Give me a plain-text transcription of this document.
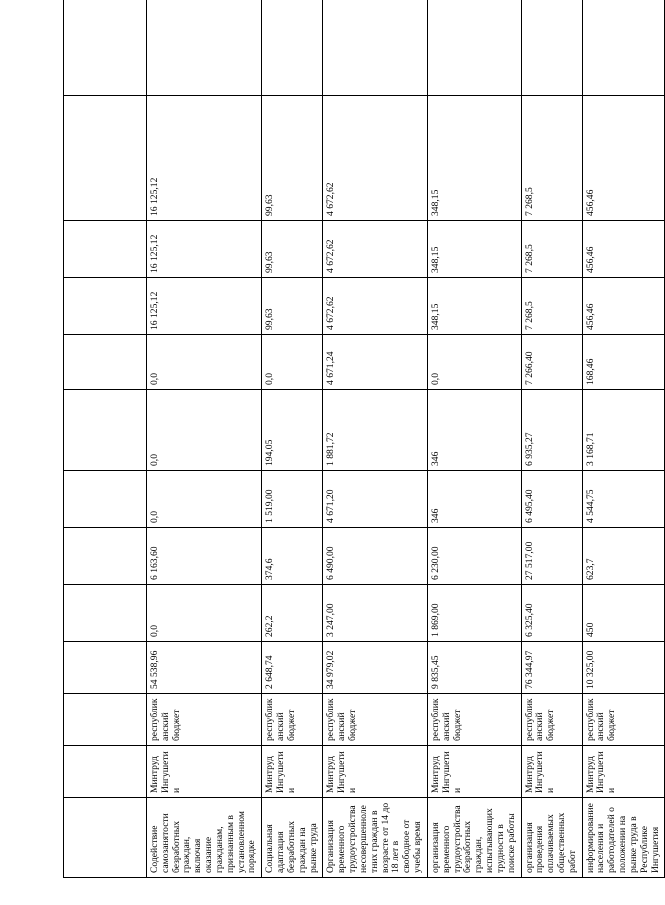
Содействие самозанятости безработных граждан, включая оказание гражданам, признанным в установленном порядке	Минтруд Ингушетии	республиканский бюджет	54 538,96	0,0	6 163,60	0,0	0,0	0,0	16 125,12	16 125,12	16 125,12	
Социальная адаптация безработных граждан на рынке труда	Минтруд Ингушетии	республиканский бюджет	2 648,74	262,2	374,6	1 519,00	194,05	0,0	99,63	99,63	99,63	
Организация временного трудоустройства несовершеннолетних граждан в возрасте от 14 до 18 лет в свободное от учебы время	Минтруд Ингушетии	республиканский бюджет	34 979,02	3 247,00	6 490,00	4 671,20	1 881,72	4 671,24	4 672,62	4 672,62	4 672,62	
организация временного трудоустройства безработных граждан, испытывающих трудности в поиске работы	Минтруд Ингушетии	республиканский бюджет	9 835,45	1 869,00	6 230,00	346	346	0,0	348,15	348,15	348,15	
организация проведения оплачиваемых общественных работ	Минтруд Ингушетии	республиканский бюджет	76 344,97	6 325,40	27 517,00	6 495,40	6 935,27	7 266,40	7 268,5	7 268,5	7 268,5	
информирование населения и работодателей о положении на рынке труда в Республике Ингушетия	Минтруд Ингушетии	республиканский бюджет	10 325,00	450	623,7	4 544,75	3 168,71	168,46	456,46	456,46	456,46	
